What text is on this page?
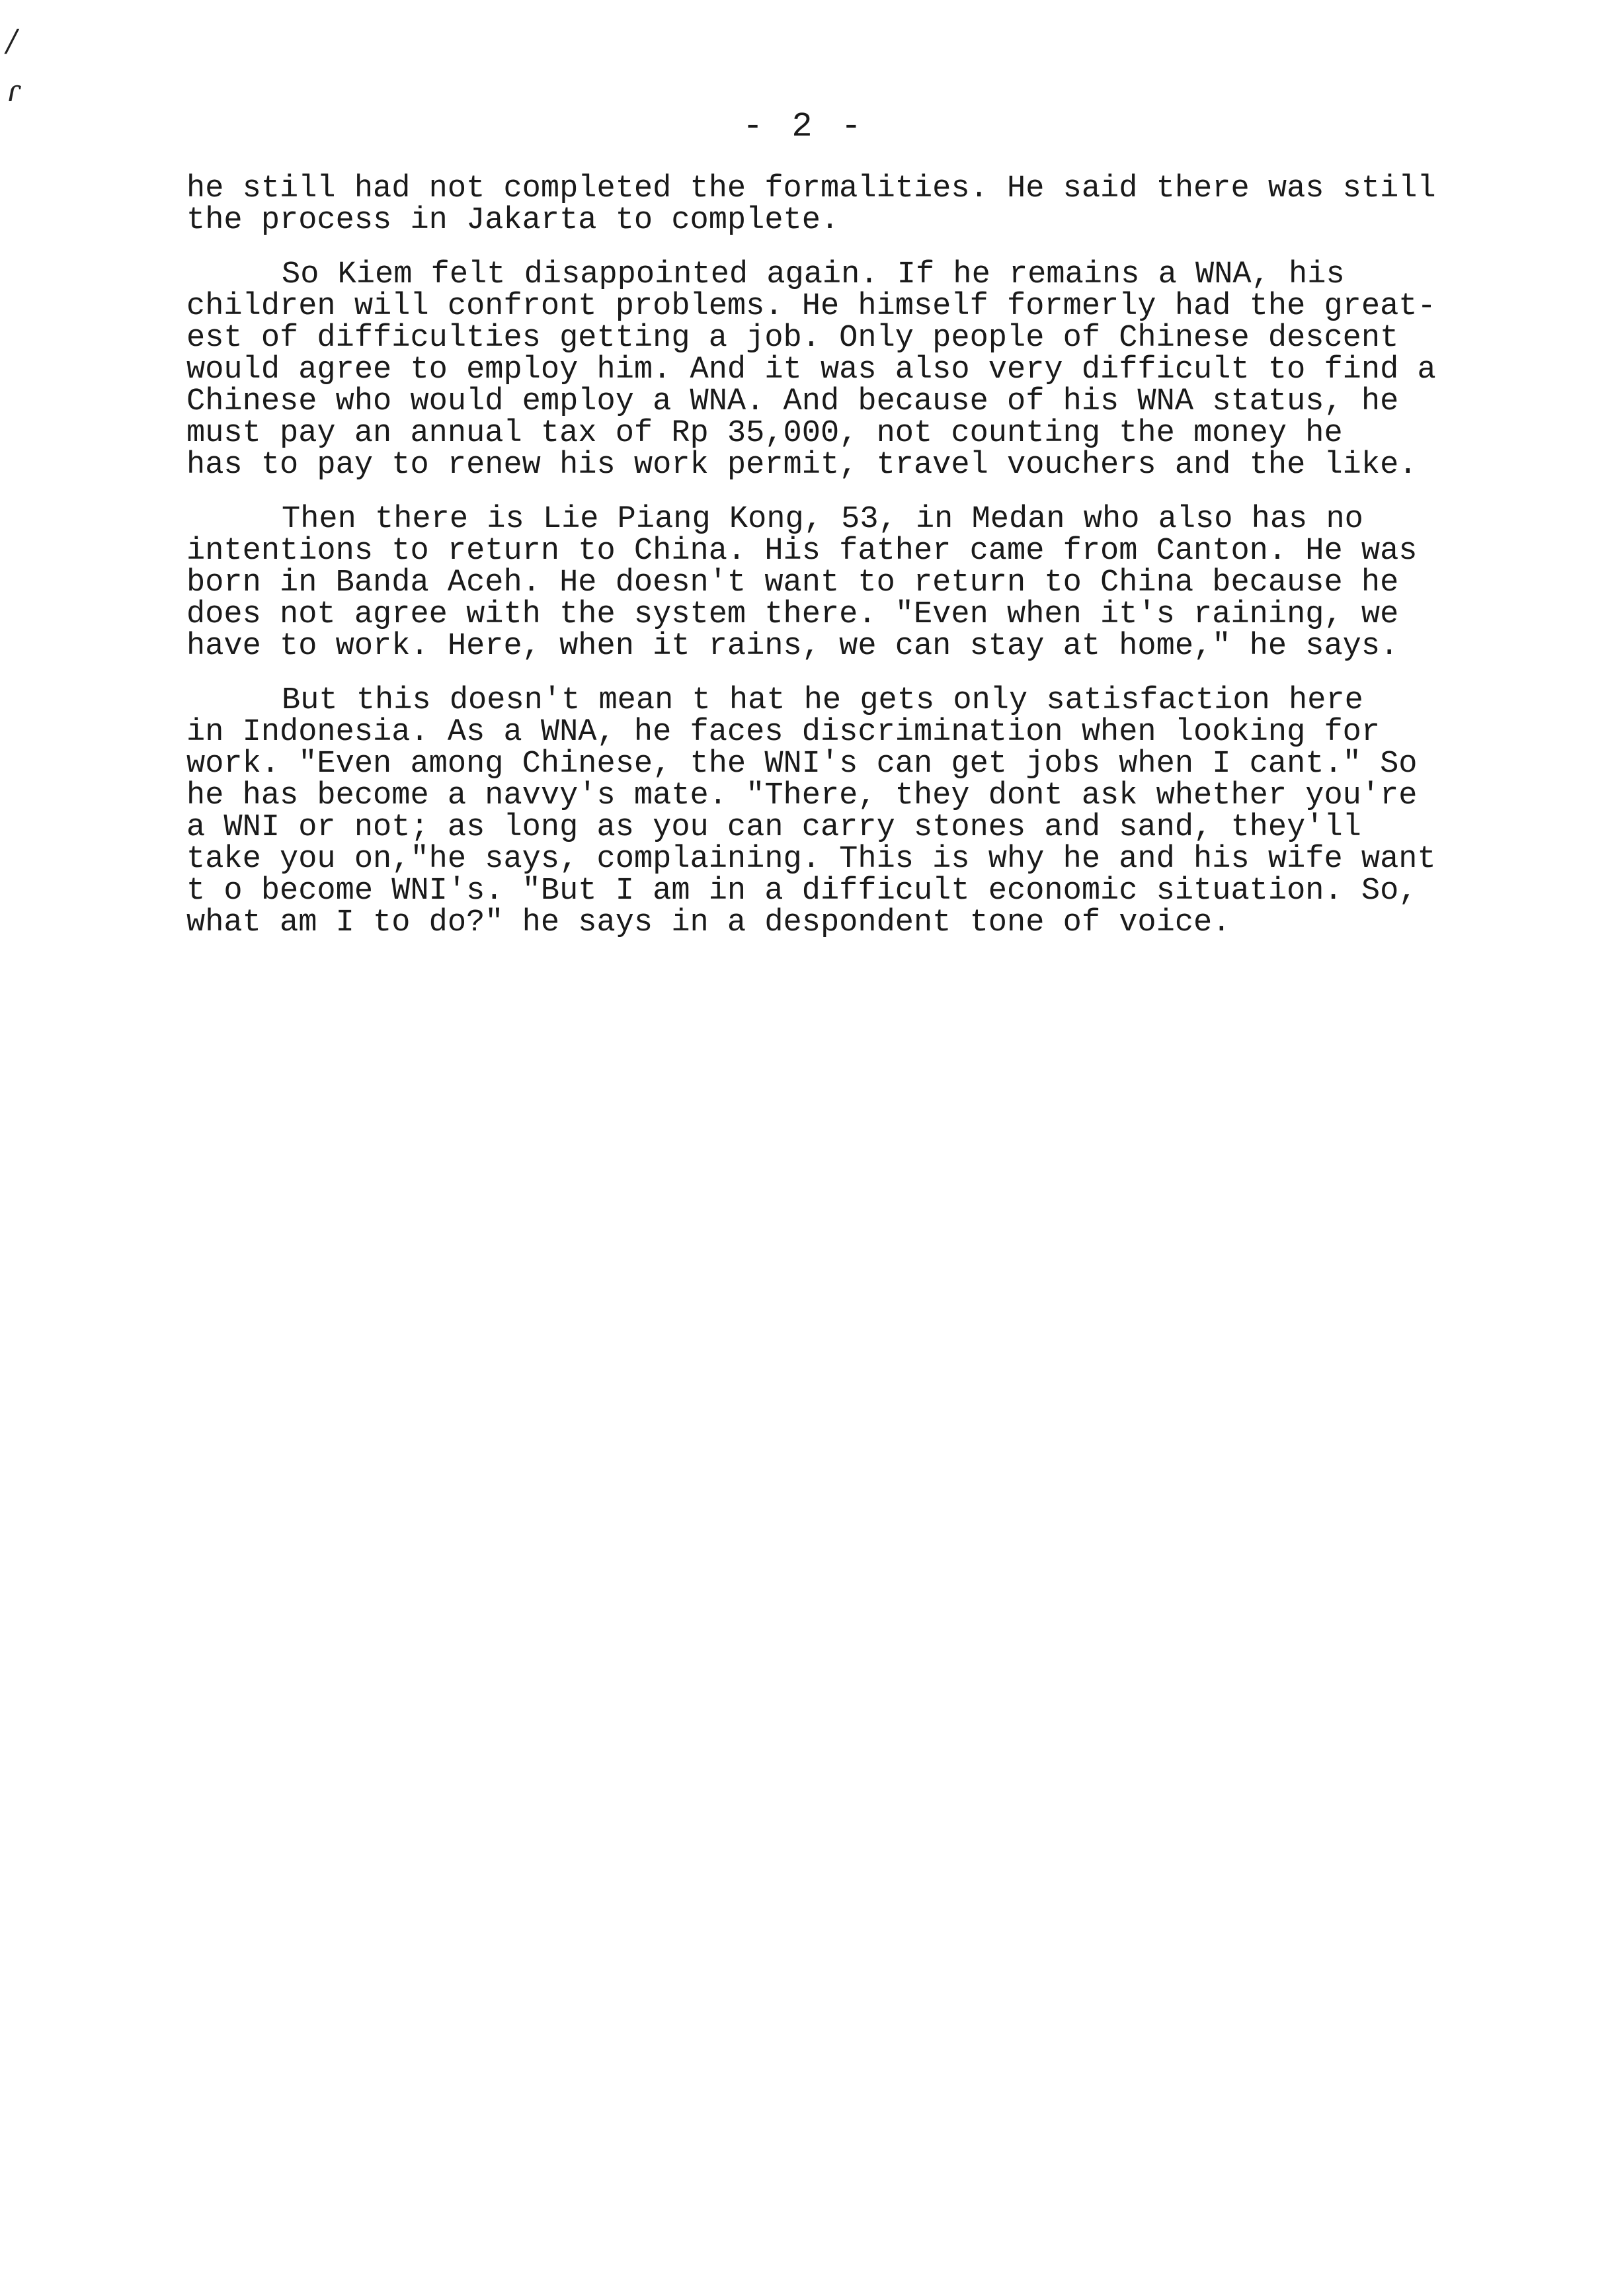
/
ɾ
- 2 -
he still had not completed the formalities. He said there was still
the process in Jakarta to complete.
So Kiem felt disappointed again. If he remains a WNA, his
children will confront problems. He himself formerly had the great-
est of difficulties getting a job. Only people of Chinese descent
would agree to employ him. And it was also very difficult to find a
Chinese who would employ a WNA. And because of his WNA status, he
must pay an annual tax of Rp 35,000, not counting the money he
has to pay to renew his work permit, travel vouchers and the like.
Then there is Lie Piang Kong, 53, in Medan who also has no
intentions to return to China. His father came from Canton. He was
born in Banda Aceh. He doesn't want to return to China because he
does not agree with the system there. "Even when it's raining, we
have to work. Here, when it rains, we can stay at home," he says.
But this doesn't mean t hat he gets only satisfaction here
in Indonesia. As a WNA, he faces discrimination when looking for
work. "Even among Chinese, the WNI's can get jobs when I cant." So
he has become a navvy's mate. "There, they dont ask whether you're
a WNI or not; as long as you can carry stones and sand, they'll
take you on,"he says, complaining. This is why he and his wife want
t o become WNI's. "But I am in a difficult economic situation. So,
what am I to do?" he says in a despondent tone of voice.
